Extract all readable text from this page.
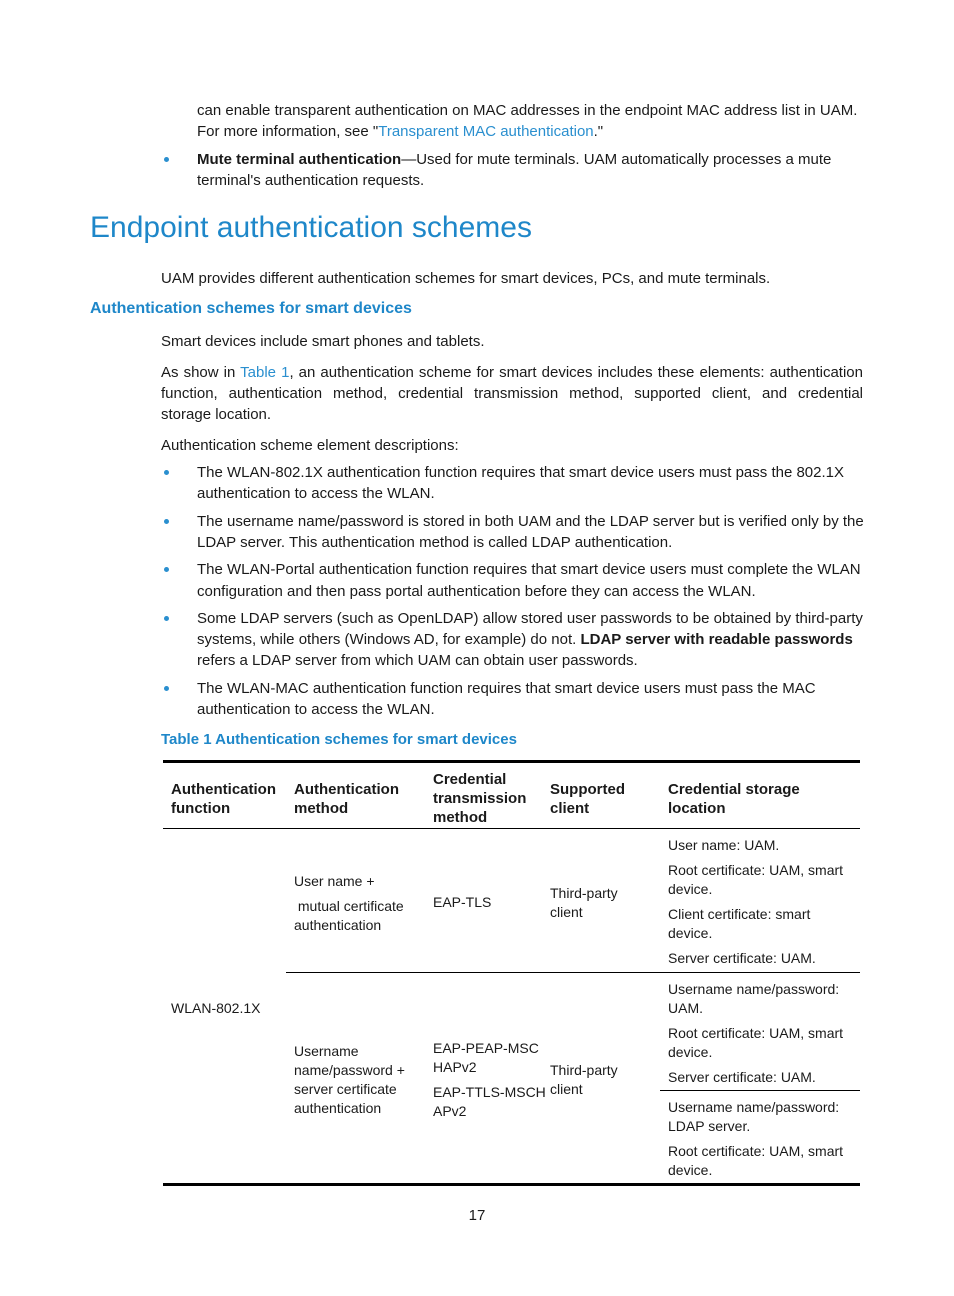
can enable transparent authentication on MAC addresses in the endpoint MAC address list in UAM.

For more information, see "Transparent MAC authentication."

Mute terminal authentication—Used for mute terminals. UAM automatically processes a mute

terminal's authentication requests.

Endpoint authentication schemes

UAM provides different authentication schemes for smart devices, PCs, and mute terminals.

Authentication schemes for smart devices

Smart devices include smart phones and tablets.

As show in Table 1, an authentication scheme for smart devices includes these elements: authentication

function, authentication method, credential transmission method, supported client, and credential

storage location.

Authentication scheme element descriptions:

The WLAN-802.1X authentication function requires that smart device users must pass the 802.1X

authentication to access the WLAN.

The username name/password is stored in both UAM and the LDAP server but is verified only by the

LDAP server. This authentication method is called LDAP authentication.

The WLAN-Portal authentication function requires that smart device users must complete the WLAN

configuration and then pass portal authentication before they can access the WLAN.

Some LDAP servers (such as OpenLDAP) allow stored user passwords to be obtained by third-party

systems, while others (Windows AD, for example) do not. LDAP server with readable passwords

refers a LDAP server from which UAM can obtain user passwords.

The WLAN-MAC authentication function requires that smart device users must pass the MAC

authentication to access the WLAN.

Table 1 Authentication schemes for smart devices

Authentication
function
Authentication
method
Credential
transmission
method
Supported
client
Credential storage
location
WLAN-802.1X
User name +
mutual certificate
authentication
EAP-TLS
Third-party
client
User name: UAM.
Root certificate: UAM, smart
device.
Client certificate: smart
device.
Server certificate: UAM.
Username
name/password +
server certificate
authentication
EAP-PEAP-MSC
HAPv2
EAP-TTLS-MSCH
APv2
Third-party
client
Username name/password:
UAM.
Root certificate: UAM, smart
device.
Server certificate: UAM.
Username name/password:
LDAP server.
Root certificate: UAM, smart
device.
17
